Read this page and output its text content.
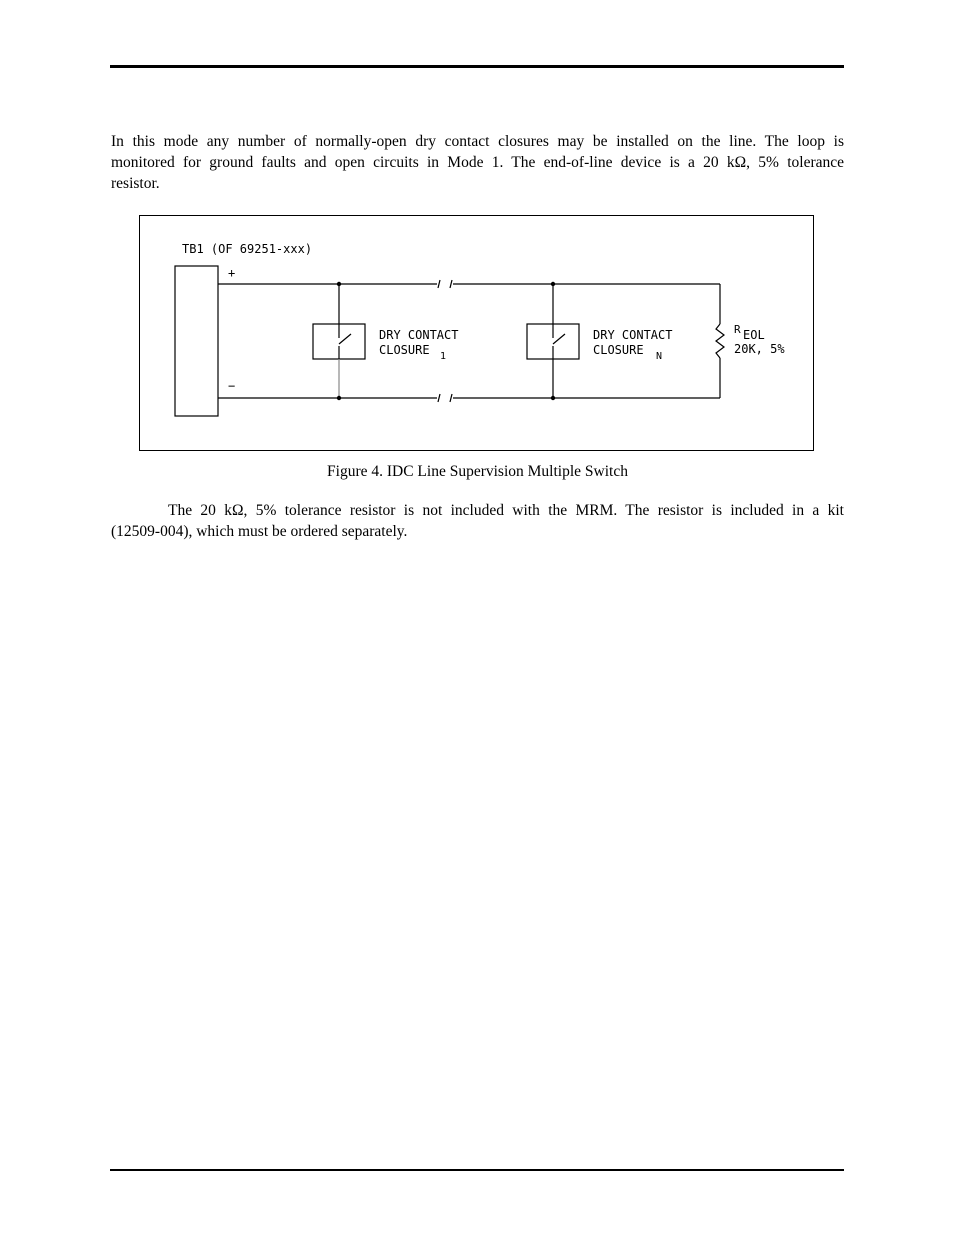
In this mode any number of normally-open dry contact closures may be installed on the line. The loop is
monitored for ground faults and open circuits in Mode 1. The end-of-line device is a 20 kΩ, 5% tolerance
resistor.

TB1 (OF 69251-xxx)
+
−
DRY CONTACT
CLOSURE 1
DRY CONTACT
CLOSURE N
R EOL
20K, 5%
Figure 4. IDC Line Supervision Multiple Switch

The 20 kΩ, 5% tolerance resistor is not included with the MRM. The resistor is included in a kit
(12509-004), which must be ordered separately.
